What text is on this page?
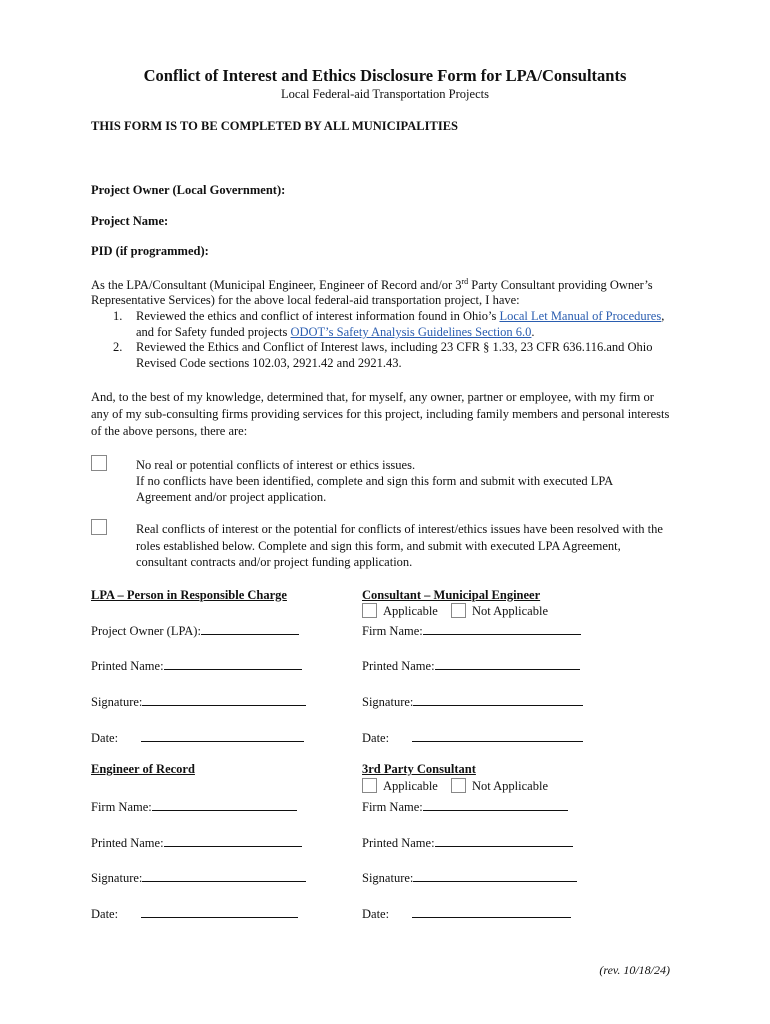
Conflict of Interest and Ethics Disclosure Form for LPA/Consultants
Local Federal-aid Transportation Projects
THIS FORM IS TO BE COMPLETED BY ALL MUNICIPALITIES
Project Owner (Local Government):
Project Name:
PID (if programmed):
As the LPA/Consultant (Municipal Engineer, Engineer of Record and/or 3rd Party Consultant providing Owner’s
Representative Services) for the above local federal-aid transportation project, I have:
1. Reviewed the ethics and conflict of interest information found in Ohio’s Local Let Manual of Procedures,
and for Safety funded projects ODOT’s Safety Analysis Guidelines Section 6.0.
2. Reviewed the Ethics and Conflict of Interest laws, including 23 CFR § 1.33, 23 CFR 636.116.and Ohio
Revised Code sections 102.03, 2921.42 and 2921.43.
And, to the best of my knowledge, determined that, for myself, any owner, partner or employee, with my firm or
any of my sub-consulting firms providing services for this project, including family members and personal interests
of the above persons, there are:
No real or potential conflicts of interest or ethics issues.
If no conflicts have been identified, complete and sign this form and submit with executed LPA
Agreement and/or project application.
Real conflicts of interest or the potential for conflicts of interest/ethics issues have been resolved with the
roles established below. Complete and sign this form, and submit with executed LPA Agreement,
consultant contracts and/or project funding application.
LPA – Person in Responsible Charge
Project Owner (LPA):
Printed Name:
Signature:
Date:
Consultant – Municipal Engineer
Applicable	Not Applicable
Firm Name:
Printed Name:
Signature:
Date:
Engineer of Record
Firm Name:
Printed Name:
Signature:
Date:
3rd Party Consultant
Applicable	Not Applicable
Firm Name:
Printed Name:
Signature:
Date:
(rev. 10/18/24)
